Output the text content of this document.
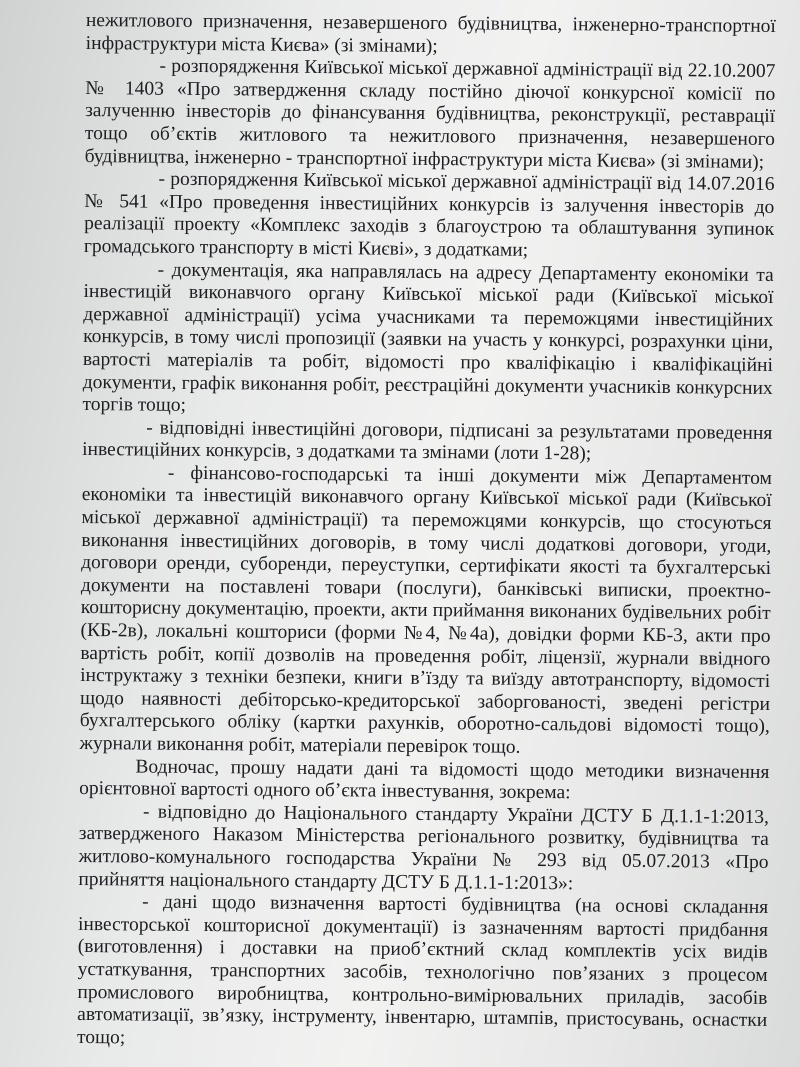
нежитлового призначення, незавершеного будівництва, інженерно-транспортної інфраструктури міста Києва» (зі змінами);

- розпорядження Київської міської державної адміністрації від 22.10.2007 № 1403 «Про затвердження складу постійно діючої конкурсної комісії по залученню інвесторів до фінансування будівництва, реконструкції, реставрації тощо об’єктів житлового та нежитлового призначення, незавершеного будівництва, інженерно - транспортної інфраструктури міста Києва» (зі змінами);

- розпорядження Київської міської державної адміністрації від 14.07.2016 № 541 «Про проведення інвестиційних конкурсів із залучення інвесторів до реалізації проекту «Комплекс заходів з благоустрою та облаштування зупинок громадського транспорту в місті Києві», з додатками;

- документація, яка направлялась на адресу Департаменту економіки та інвестицій виконавчого органу Київської міської ради (Київської міської державної адміністрації) усіма учасниками та переможцями інвестиційних конкурсів, в тому числі пропозиції (заявки на участь у конкурсі, розрахунки ціни, вартості матеріалів та робіт, відомості про кваліфікацію і кваліфікаційні документи, графік виконання робіт, реєстраційні документи учасників конкурсних торгів тощо;

- відповідні інвестиційні договори, підписані за результатами проведення інвестиційних конкурсів, з додатками та змінами (лоти 1-28);

- фінансово-господарські та інші документи між Департаментом економіки та інвестицій виконавчого органу Київської міської ради (Київської міської державної адміністрації) та переможцями конкурсів, що стосуються виконання інвестиційних договорів, в тому числі додаткові договори, угоди, договори оренди, суборенди, переуступки, сертифікати якості та бухгалтерські документи на поставлені товари (послуги), банківські виписки, проектно-кошторисну документацію, проекти, акти приймання виконаних будівельних робіт (КБ-2в), локальні кошториси (форми №4, №4а), довідки форми КБ-3, акти про вартість робіт, копії дозволів на проведення робіт, ліцензії, журнали ввідного інструктажу з техніки безпеки, книги в’їзду та виїзду автотранспорту, відомості щодо наявності дебіторсько-кредиторської заборгованості, зведені регістри бухгалтерського обліку (картки рахунків, оборотно-сальдові відомості тощо), журнали виконання робіт, матеріали перевірок тощо.

Водночас, прошу надати дані та відомості щодо методики визначення орієнтовної вартості одного об’єкта інвестування, зокрема:

- відповідно до Національного стандарту України ДСТУ Б Д.1.1-1:2013, затвердженого Наказом Міністерства регіонального розвитку, будівництва та житлово-комунального господарства України № 293 від 05.07.2013 «Про прийняття національного стандарту ДСТУ Б Д.1.1-1:2013»:

- дані щодо визначення вартості будівництва (на основі складання інвесторської кошторисної документації) із зазначенням вартості придбання (виготовлення) і доставки на приоб’єктний склад комплектів усіх видів устаткування, транспортних засобів, технологічно пов’язаних з процесом промислового виробництва, контрольно-вимірювальних приладів, засобів автоматизації, зв’язку, інструменту, інвентарю, штампів, пристосувань, оснастки тощо;
